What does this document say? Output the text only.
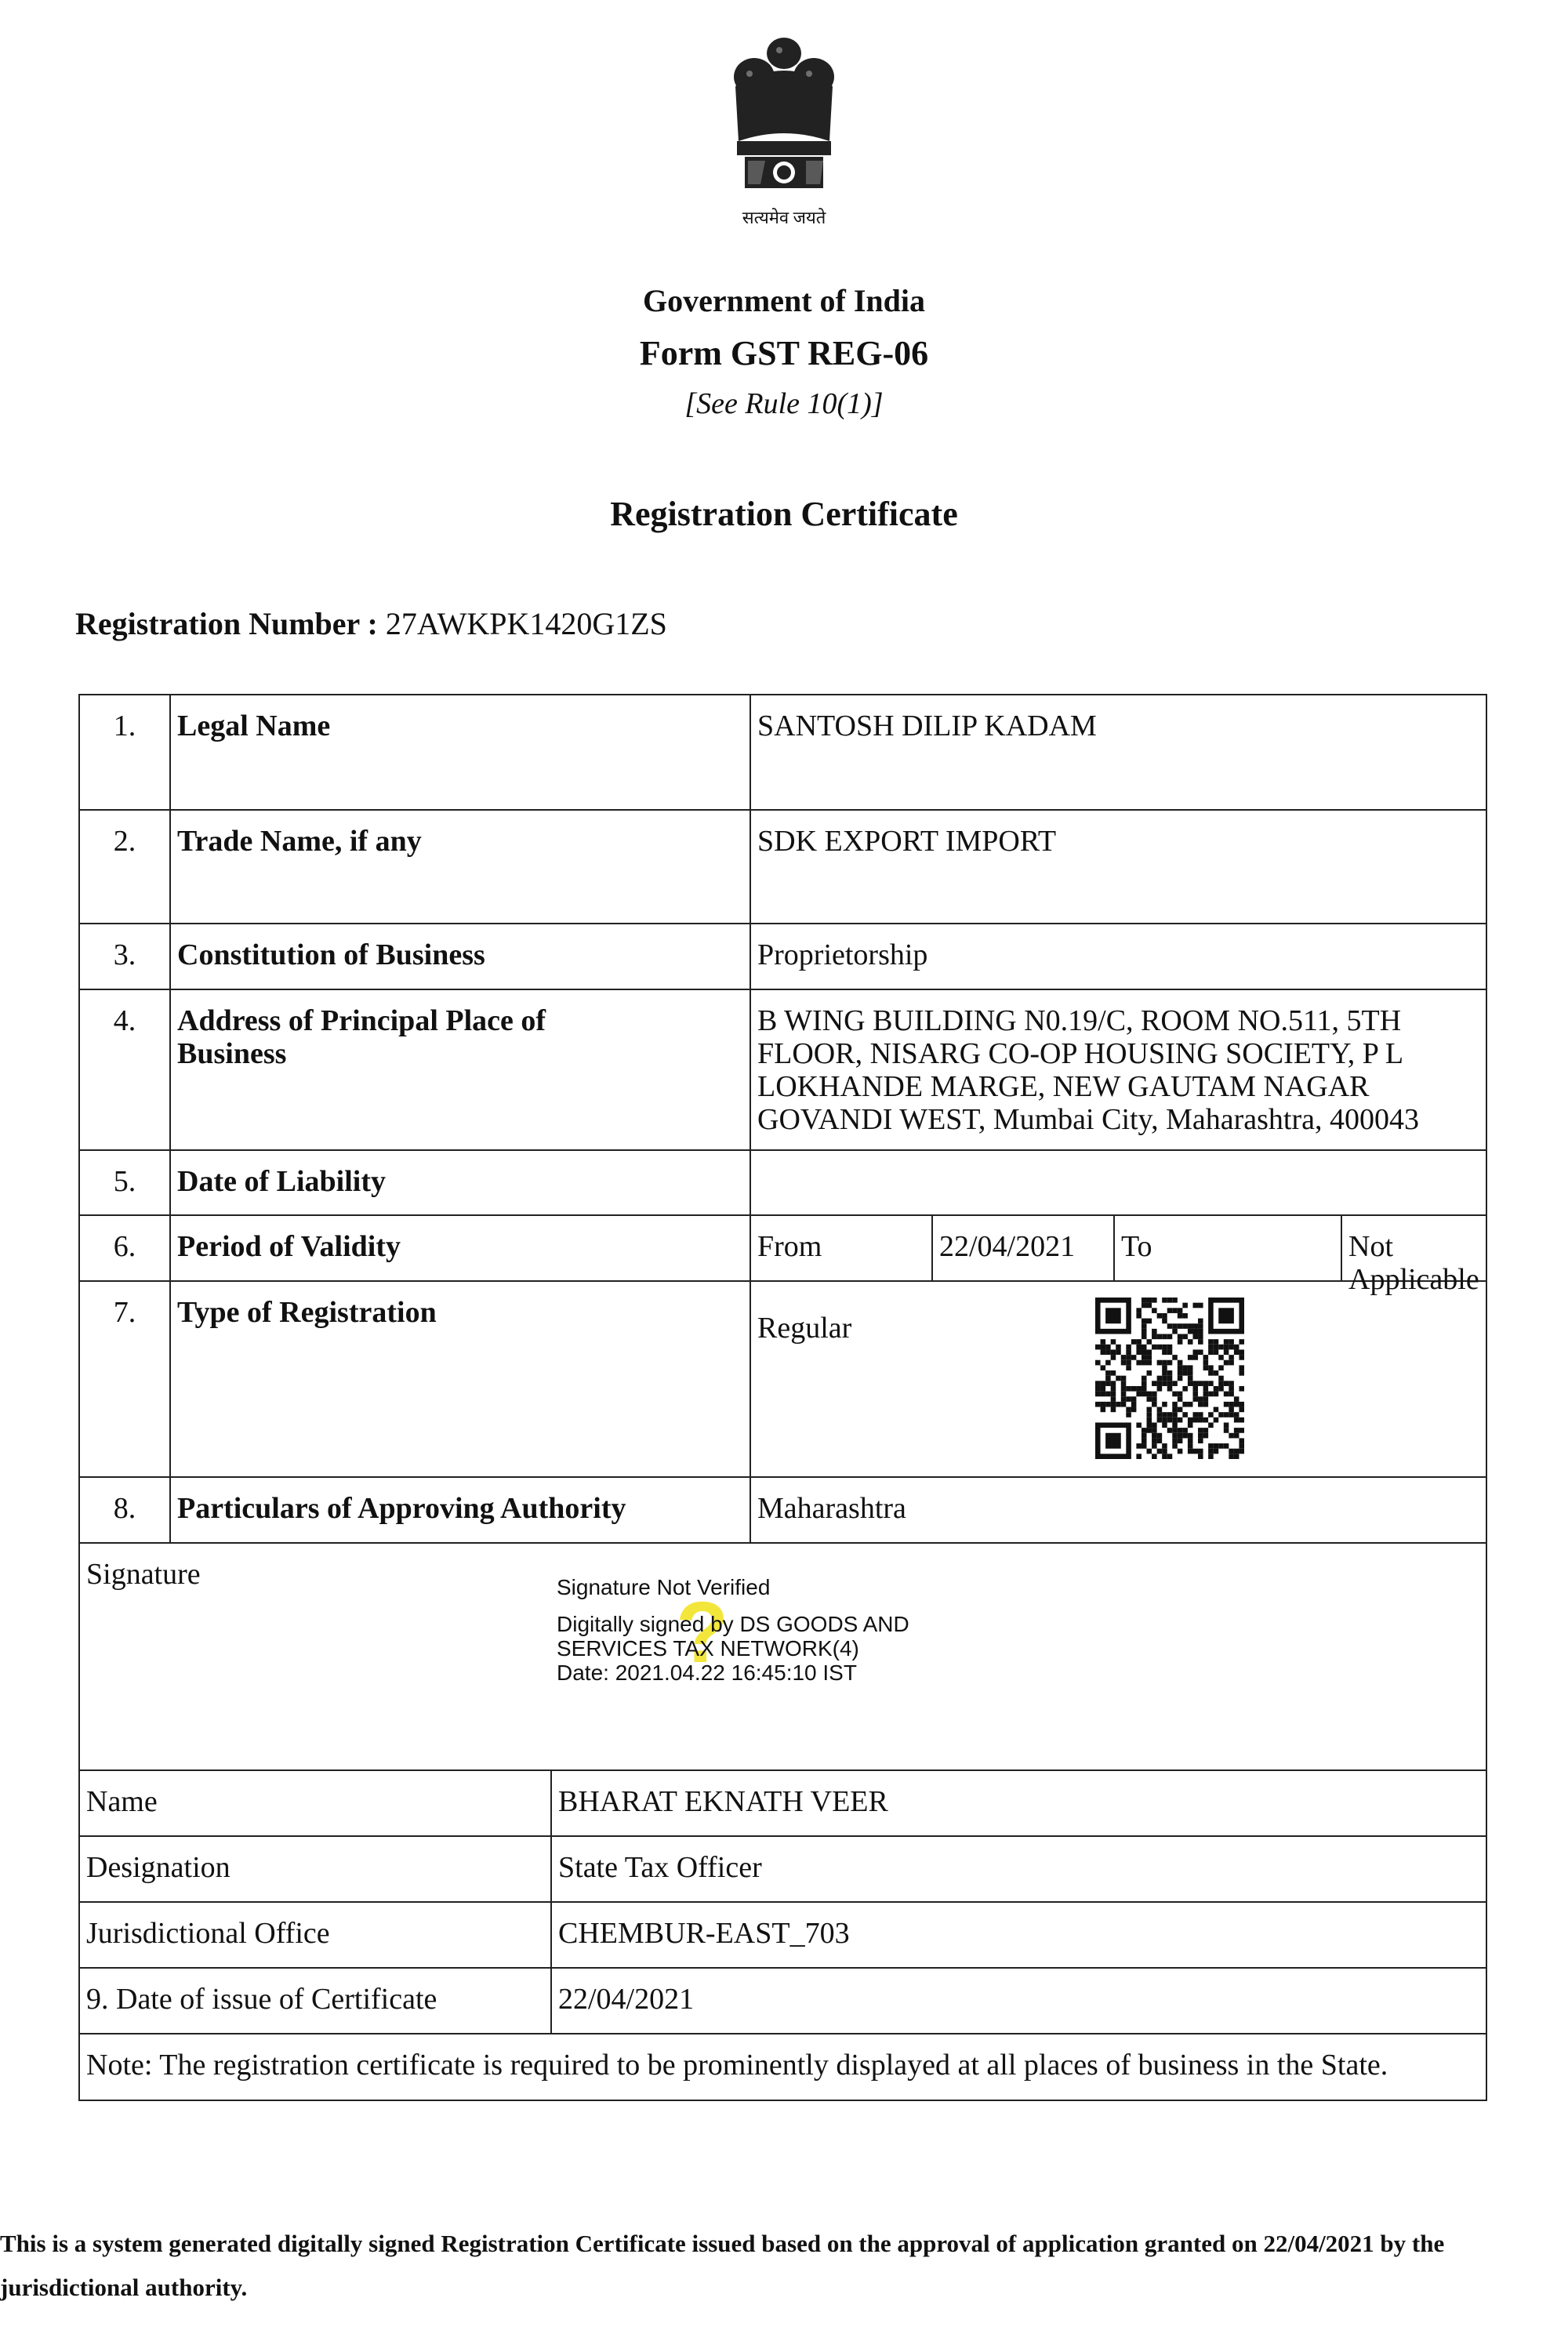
सत्यमेव जयते
Government of India
Form GST REG-06
[See Rule 10(1)]
Registration Certificate
Registration Number : 27AWKPK1420G1ZS
1.	Legal Name	SANTOSH DILIP KADAM
2.	Trade Name, if any	SDK EXPORT IMPORT
3.	Constitution of Business	Proprietorship
4.	Address of Principal Place of Business
B WING BUILDING N0.19/C, ROOM NO.511, 5TH FLOOR, NISARG CO-OP HOUSING SOCIETY, P L LOKHANDE MARGE, NEW GAUTAM NAGAR GOVANDI WEST, Mumbai City, Maharashtra, 400043
5.	Date of Liability
6.	Period of Validity	From	22/04/2021	To	Not Applicable
7.	Type of Registration	Regular
8.	Particulars of Approving Authority	Maharashtra
Signature
?
Signature Not Verified
Digitally signed by DS GOODS AND
SERVICES TAX NETWORK(4)
Date: 2021.04.22 16:45:10 IST
Name	BHARAT EKNATH VEER
Designation	State Tax Officer
Jurisdictional Office	CHEMBUR-EAST_703
9. Date of issue of Certificate	22/04/2021
Note: The registration certificate is required to be prominently displayed at all places of business in the State.
This is a system generated digitally signed Registration Certificate issued based on the approval of application granted on 22/04/2021 by the jurisdictional authority.
